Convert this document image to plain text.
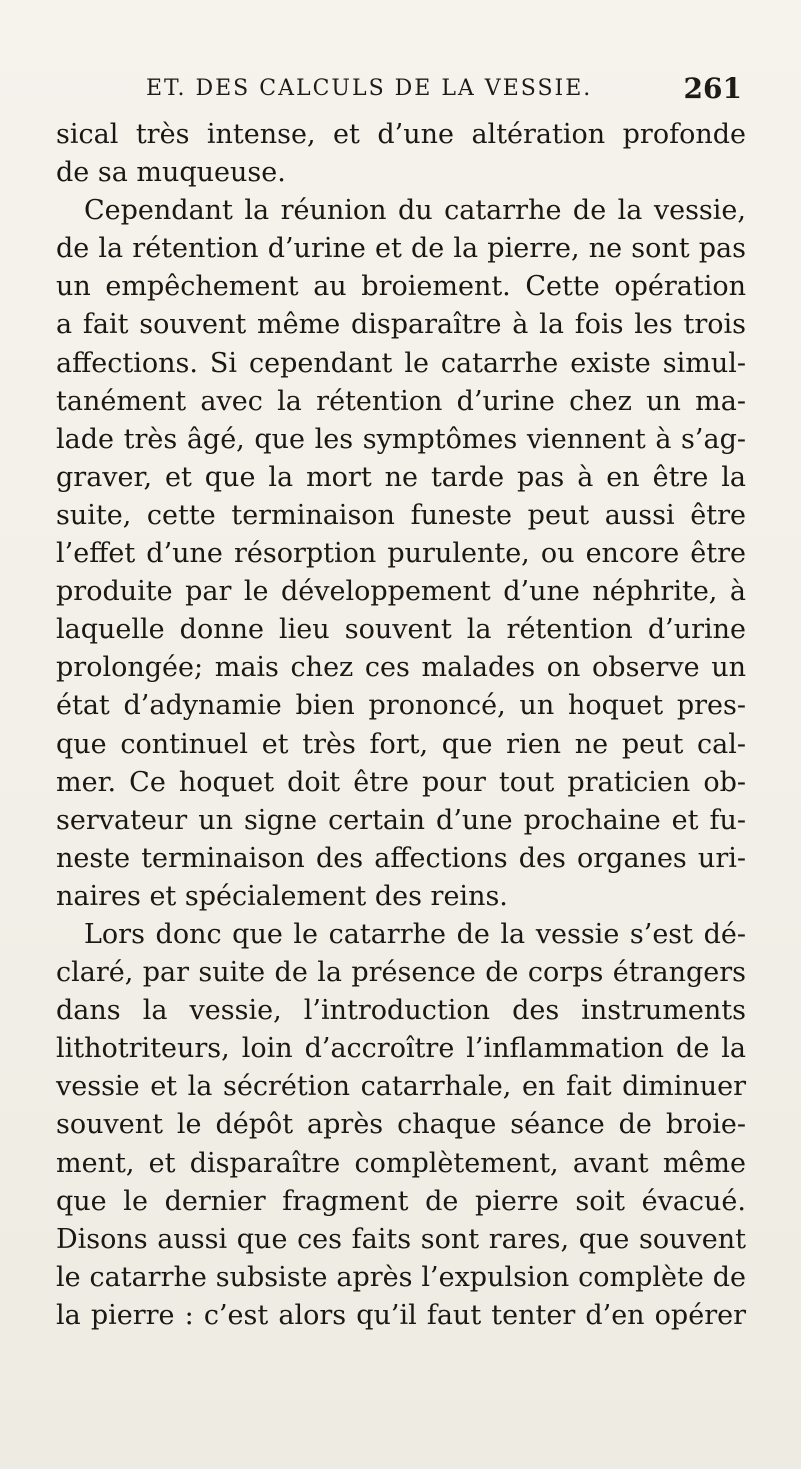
ET. DES CALCULS DE LA VESSIE.	261
sical très intense, et d’une altération profonde
de sa muqueuse.
Cependant la réunion du catarrhe de la vessie,
de la rétention d’urine et de la pierre, ne sont pas
un empêchement au broiement. Cette opération
a fait souvent même disparaître à la fois les trois
affections. Si cependant le catarrhe existe simul-
tanément avec la rétention d’urine chez un ma-
lade très âgé, que les symptômes viennent à s’ag-
graver, et que la mort ne tarde pas à en être la
suite, cette terminaison funeste peut aussi être
l’effet d’une résorption purulente, ou encore être
produite par le développement d’une néphrite, à
laquelle donne lieu souvent la rétention d’urine
prolongée; mais chez ces malades on observe un
état d’adynamie bien prononcé, un hoquet pres-
que continuel et très fort, que rien ne peut cal-
mer. Ce hoquet doit être pour tout praticien ob-
servateur un signe certain d’une prochaine et fu-
neste terminaison des affections des organes uri-
naires et spécialement des reins.
Lors donc que le catarrhe de la vessie s’est dé-
claré, par suite de la présence de corps étrangers
dans la vessie, l’introduction des instruments
lithotriteurs, loin d’accroître l’inflammation de la
vessie et la sécrétion catarrhale, en fait diminuer
souvent le dépôt après chaque séance de broie-
ment, et disparaître complètement, avant même
que le dernier fragment de pierre soit évacué.
Disons aussi que ces faits sont rares, que souvent
le catarrhe subsiste après l’expulsion complète de
la pierre : c’est alors qu’il faut tenter d’en opérer
